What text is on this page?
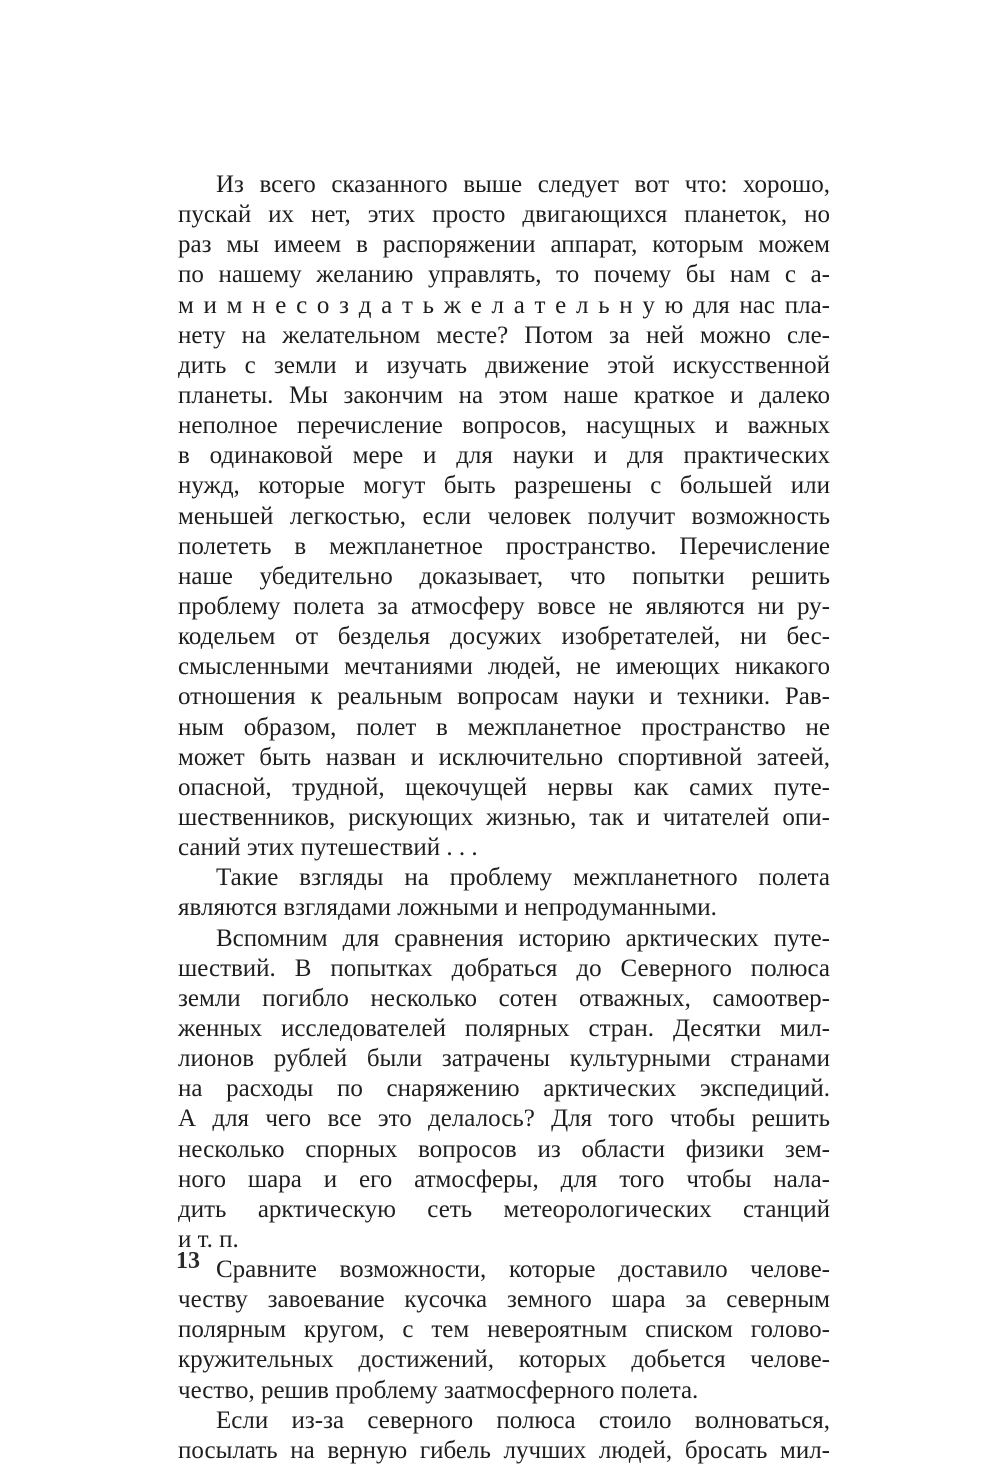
Из всего сказанного выше следует вот что: хорошо,
пускай их нет, этих просто двигающихся планеток, но
раз мы имеем в распоряжении аппарат, которым можем
по нашему желанию управлять, то почему бы нам с а-
м и м н е с о з д а т ь ж е л а т е л ь н у ю для нас пла-
нету на желательном месте? Потом за ней можно сле-
дить с земли и изучать движение этой искусственной
планеты. Мы закончим на этом наше краткое и далеко
неполное перечисление вопросов, насущных и важных
в одинаковой мере и для науки и для практических
нужд, которые могут быть разрешены с большей или
меньшей легкостью, если человек получит возможность
полететь в межпланетное пространство. Перечисление
наше убедительно доказывает, что попытки решить
проблему полета за атмосферу вовсе не являются ни ру-
кодельем от безделья досужих изобретателей, ни бес-
смысленными мечтаниями людей, не имеющих никакого
отношения к реальным вопросам науки и техники. Рав-
ным образом, полет в межпланетное пространство не
может быть назван и исключительно спортивной затеей,
опасной, трудной, щекочущей нервы как самих путе-
шественников, рискующих жизнью, так и читателей опи-
саний этих путешествий . . .
Такие взгляды на проблему межпланетного полета
являются взглядами ложными и непродуманными.
Вспомним для сравнения историю арктических путе-
шествий. В попытках добраться до Северного полюса
земли погибло несколько сотен отважных, самоотвер-
женных исследователей полярных стран. Десятки мил-
лионов рублей были затрачены культурными странами
на расходы по снаряжению арктических экспедиций.
А для чего все это делалось? Для того чтобы решить
несколько спорных вопросов из области физики зем-
ного шара и его атмосферы, для того чтобы нала-
дить арктическую сеть метеорологических станций
и т. п.
Сравните возможности, которые доставило челове-
честву завоевание кусочка земного шара за северным
полярным кругом, с тем невероятным списком голово-
кружительных достижений, которых добьется челове-
чество, решив проблему заатмосферного полета.
Если из-за северного полюса стоило волноваться,
посылать на верную гибель лучших людей, бросать мил-
13
